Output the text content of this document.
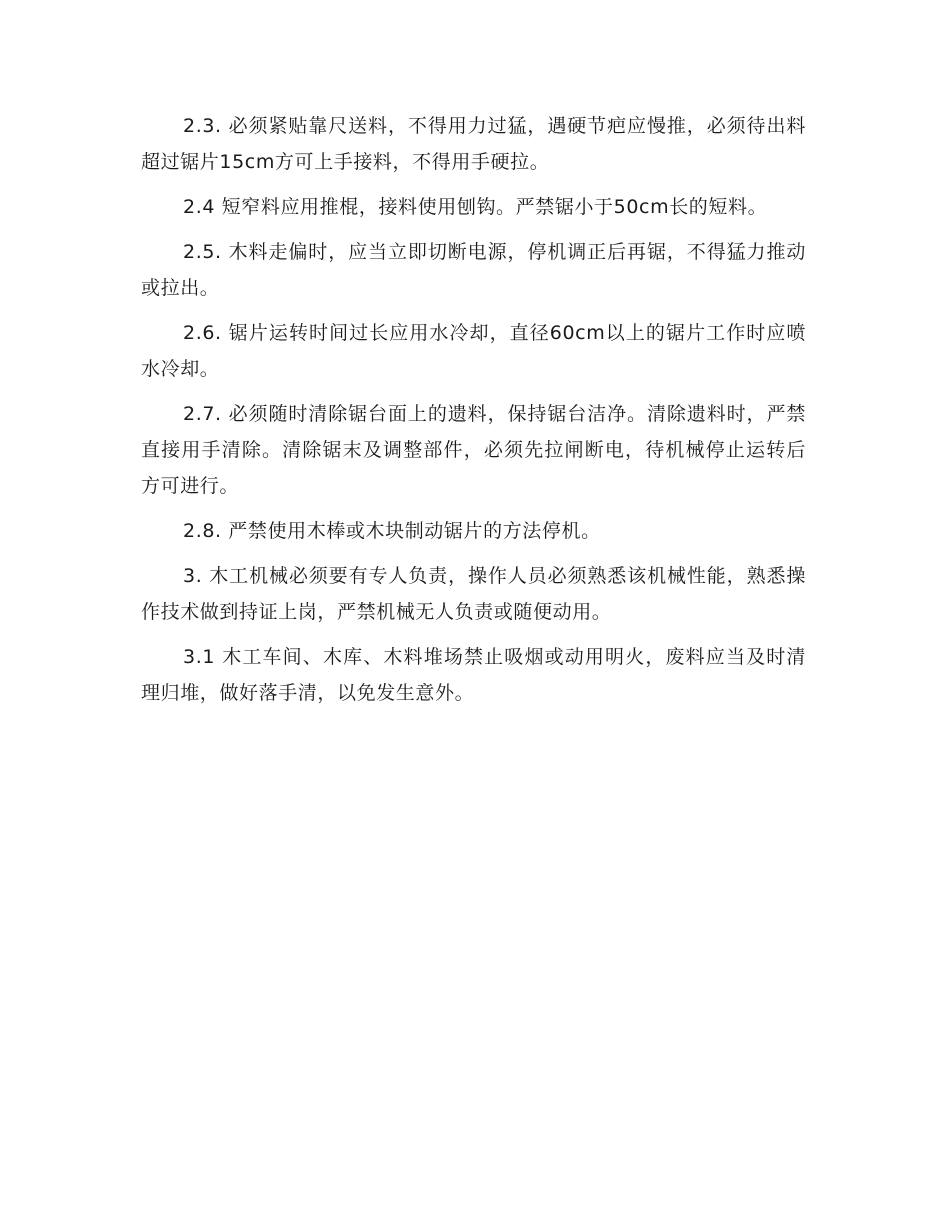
2.3. 必须紧贴靠尺送料，不得用力过猛，遇硬节疤应慢推，必须待出料超过锯片15cm方可上手接料，不得用手硬拉。

2.4 短窄料应用推棍，接料使用刨钩。严禁锯小于50cm长的短料。

2.5. 木料走偏时，应当立即切断电源，停机调正后再锯，不得猛力推动或拉出。

2.6. 锯片运转时间过长应用水冷却，直径60cm以上的锯片工作时应喷水冷却。

2.7. 必须随时清除锯台面上的遗料，保持锯台洁净。清除遗料时，严禁直接用手清除。清除锯末及调整部件，必须先拉闸断电，待机械停止运转后方可进行。

2.8. 严禁使用木棒或木块制动锯片的方法停机。

3. 木工机械必须要有专人负责，操作人员必须熟悉该机械性能，熟悉操作技术做到持证上岗，严禁机械无人负责或随便动用。

3.1 木工车间、木库、木料堆场禁止吸烟或动用明火，废料应当及时清理归堆，做好落手清，以免发生意外。
